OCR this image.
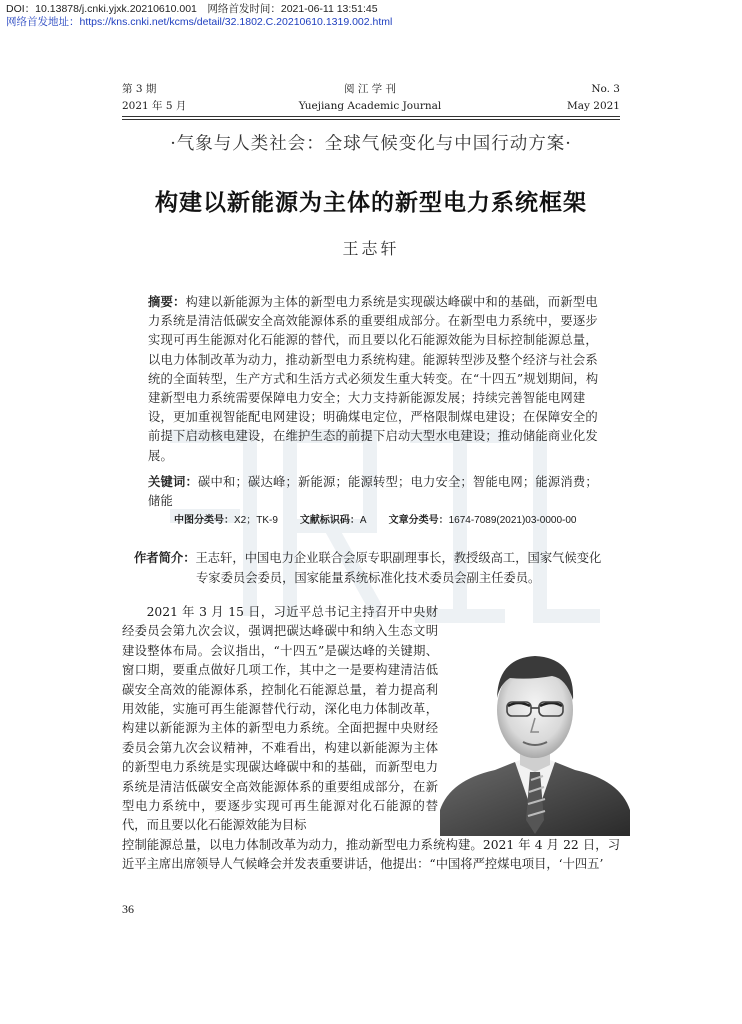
DOI：10.13878/j.cnki.yjxk.20210610.001　网络首发时间：2021-06-11 13:51:45
网络首发地址：https://kns.cnki.net/kcms/detail/32.1802.C.20210610.1319.002.html
第 3 期	阅 江 学 刊	No. 3
2021 年 5 月	Yuejiang Academic Journal	May 2021
·气象与人类社会：全球气候变化与中国行动方案·
构建以新能源为主体的新型电力系统框架
王志轩
摘要：构建以新能源为主体的新型电力系统是实现碳达峰碳中和的基础，而新型电力系统是清洁低碳安全高效能源体系的重要组成部分。在新型电力系统中，要逐步实现可再生能源对化石能源的替代，而且要以化石能源效能为目标控制能源总量，以电力体制改革为动力，推动新型电力系统构建。能源转型涉及整个经济与社会系统的全面转型，生产方式和生活方式必须发生重大转变。在“十四五”规划期间，构建新型电力系统需要保障电力安全；大力支持新能源发展；持续完善智能电网建设，更加重视智能配电网建设；明确煤电定位，严格限制煤电建设；在保障安全的前提下启动核电建设，在维护生态的前提下启动大型水电建设；推动储能商业化发展。
关键词：碳中和；碳达峰；新能源；能源转型；电力安全；智能电网；能源消费；储能
中图分类号：X2；TK-9 文献标识码：A 文章分类号：1674-7089(2021)03-0000-00
作者简介：王志轩，中国电力企业联合会原专职副理事长，教授级高工，国家气候变化
专家委员会委员，国家能量系统标准化技术委员会副主任委员。

2021 年 3 月 15 日，习近平总书记主持召开中央财经委员会第九次会议，强调把碳达峰碳中和纳入生态文明建设整体布局。会议指出，“十四五”是碳达峰的关键期、窗口期，要重点做好几项工作，其中之一是要构建清洁低碳安全高效的能源体系，控制化石能源总量，着力提高利用效能，实施可再生能源替代行动，深化电力体制改革，构建以新能源为主体的新型电力系统。全面把握中央财经委员会第九次会议精神，不难看出，构建以新能源为主体的新型电力系统是实现碳达峰碳中和的基础，而新型电力系统是清洁低碳安全高效能源体系的重要组成部分，在新型电力系统中，要逐步实现可再生能源对化石能源的替代，而且要以化石能源效能为目标

控制能源总量，以电力体制改革为动力，推动新型电力系统构建。2021 年 4 月 22 日，习近平主席出席领导人气候峰会并发表重要讲话，他提出：“中国将严控煤电项目，‘十四五’

36
